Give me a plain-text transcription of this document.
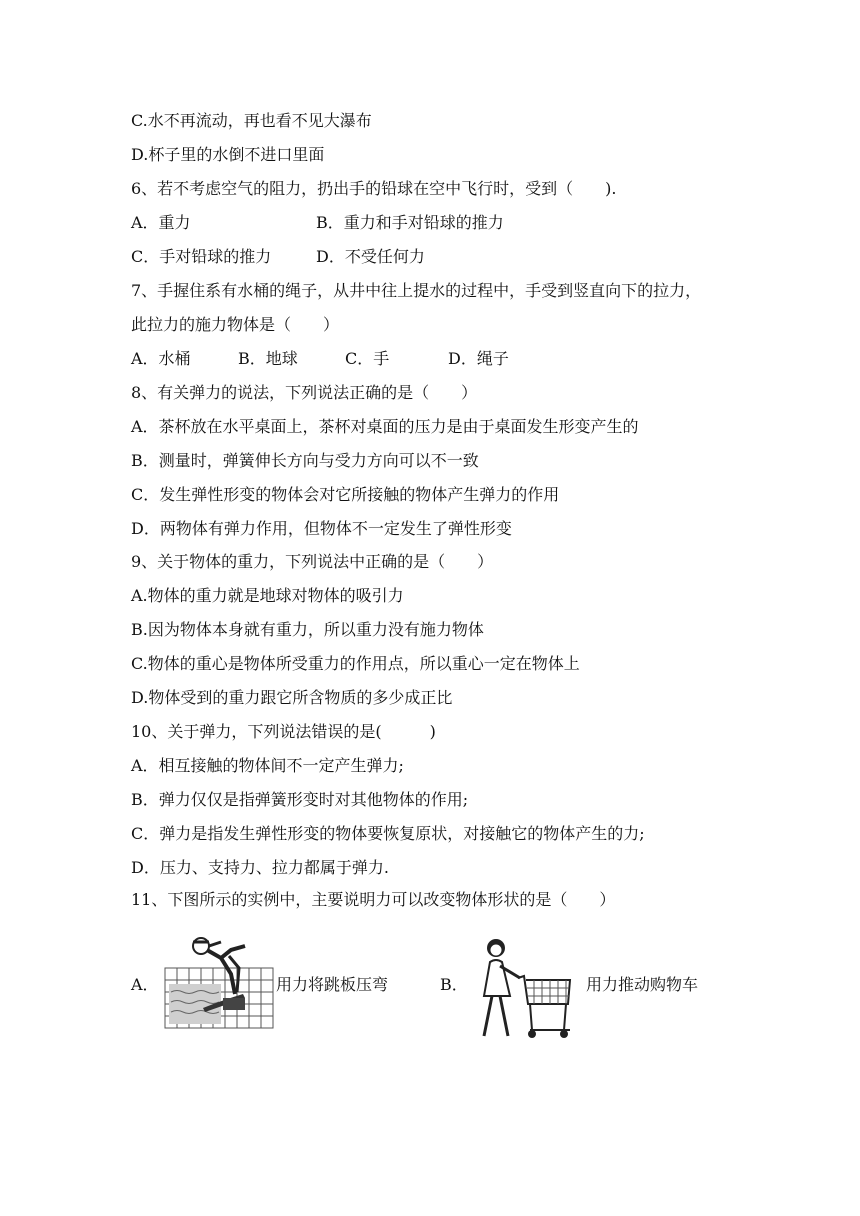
C.水不再流动，再也看不见大瀑布
D.杯子里的水倒不进口里面
6、若不考虑空气的阻力，扔出手的铅球在空中飞行时，受到（　　).
A．重力	B．重力和手对铅球的推力
C．手对铅球的推力	D．不受任何力
7、手握住系有水桶的绳子，从井中往上提水的过程中，手受到竖直向下的拉力，
此拉力的施力物体是（　　）
A．水桶	B．地球	C．手	D．绳子
8、有关弹力的说法，下列说法正确的是（　　）
A．茶杯放在水平桌面上，茶杯对桌面的压力是由于桌面发生形变产生的
B．测量时，弹簧伸长方向与受力方向可以不一致
C．发生弹性形变的物体会对它所接触的物体产生弹力的作用
D．两物体有弹力作用，但物体不一定发生了弹性形变
9、关于物体的重力，下列说法中正确的是（　　）
A.物体的重力就是地球对物体的吸引力
B.因为物体本身就有重力，所以重力没有施力物体
C.物体的重心是物体所受重力的作用点，所以重心一定在物体上
D.物体受到的重力跟它所含物质的多少成正比
10、关于弹力，下列说法错误的是(　　　)
A．相互接触的物体间不一定产生弹力;
B．弹力仅仅是指弹簧形变时对其他物体的作用;
C．弹力是指发生弹性形变的物体要恢复原状，对接触它的物体产生的力;
D．压力、支持力、拉力都属于弹力.
11、下图所示的实例中，主要说明力可以改变物体形状的是（　　）
A．	用力将跳板压弯	B．	用力推动购物车
